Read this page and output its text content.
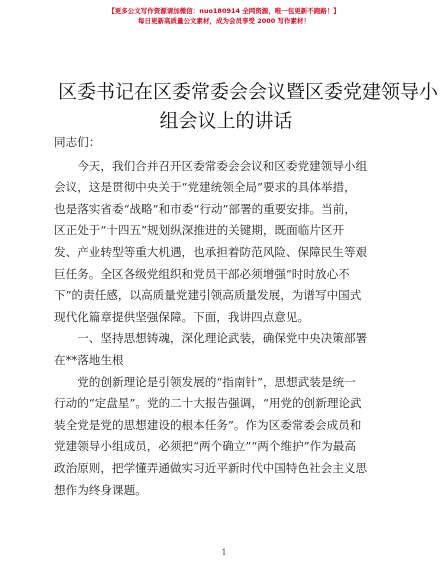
【更多公文写作资源请加微信：nuo180914 全网资源，唯一包更新不跑路！】
每日更新高质量公文素材，成为会员享受 2000 写作素材！
区委书记在区委常委会会议暨区委党建领导小
组会议上的讲话

同志们：

今天，我们合并召开区委常委会会议和区委党建领导小组
会议，这是贯彻中央关于“党建统领全局”要求的具体举措，
也是落实省委“战略”和市委“行动”部署的重要安排。当前，
区正处于“十四五”规划纵深推进的关键期，既面临片区开
发、产业转型等重大机遇，也承担着防范风险、保障民生等艰
巨任务。全区各级党组织和党员干部必须增强“时时放心不
下”的责任感，以高质量党建引领高质量发展，为谱写中国式
现代化篇章提供坚强保障。下面，我讲四点意见。
一、坚持思想铸魂，深化理论武装，确保党中央决策部署
在**落地生根
党的创新理论是引领发展的“指南针”，思想武装是统一
行动的“定盘星”。党的二十大报告强调，“用党的创新理论武
装全党是党的思想建设的根本任务”。作为区委常委会成员和
党建领导小组成员，必须把“两个确立”“两个维护”作为最高
政治原则，把学懂弄通做实习近平新时代中国特色社会主义思
想作为终身课题。
1
